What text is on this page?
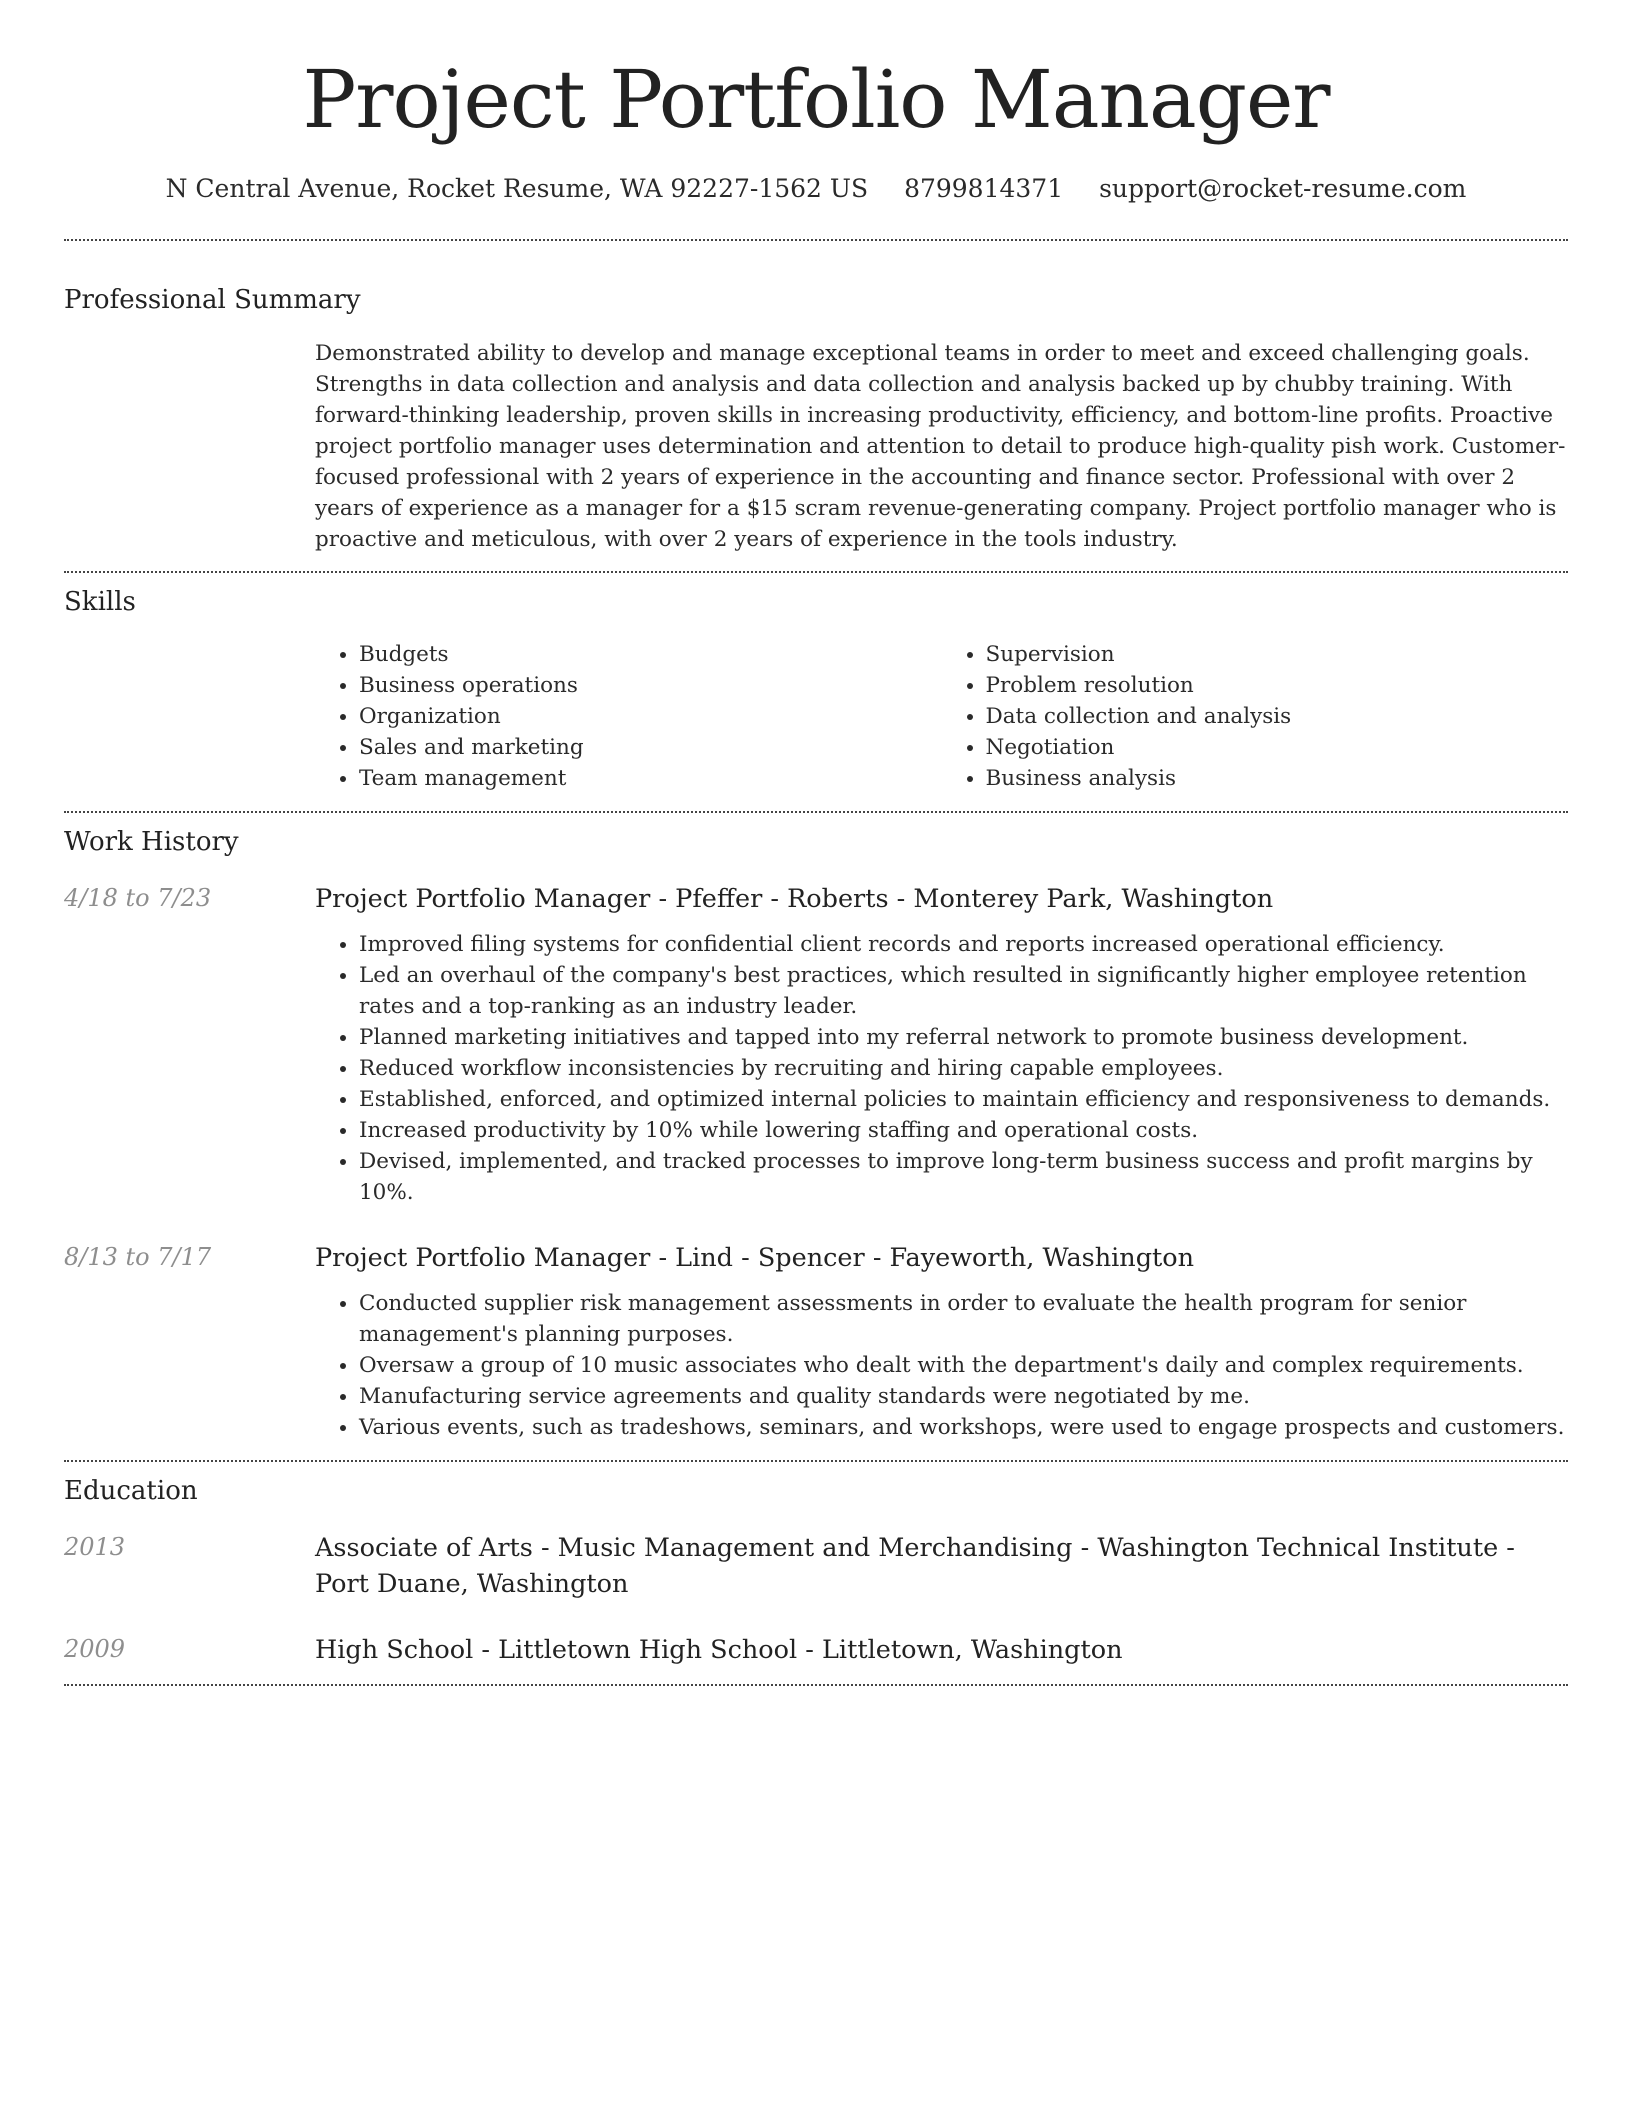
Project Portfolio Manager
N Central Avenue, Rocket Resume, WA 92227-1562 US 8799814371 support@rocket-resume.com
Professional Summary

Demonstrated ability to develop and manage exceptional teams in order to meet and exceed challenging goals. Strengths in data collection and analysis and data collection and analysis backed up by chubby training. With forward-thinking leadership, proven skills in increasing productivity, efficiency, and bottom-line profits. Proactive project portfolio manager uses determination and attention to detail to produce high-quality pish work. Customer-focused professional with 2 years of experience in the accounting and finance sector. Professional with over 2 years of experience as a manager for a $15 scram revenue-generating company. Project portfolio manager who is proactive and meticulous, with over 2 years of experience in the tools industry.

Skills
• Budgets
• Business operations
• Organization
• Sales and marketing
• Team management
• Supervision
• Problem resolution
• Data collection and analysis
• Negotiation
• Business analysis
Work History
4/18 to 7/23	Project Portfolio Manager - Pfeffer - Roberts - Monterey Park, Washington
• Improved filing systems for confidential client records and reports increased operational efficiency.
• Led an overhaul of the company's best practices, which resulted in significantly higher employee retention rates and a top-ranking as an industry leader.
• Planned marketing initiatives and tapped into my referral network to promote business development.
• Reduced workflow inconsistencies by recruiting and hiring capable employees.
• Established, enforced, and optimized internal policies to maintain efficiency and responsiveness to demands.
• Increased productivity by 10% while lowering staffing and operational costs.
• Devised, implemented, and tracked processes to improve long-term business success and profit margins by 10%.
8/13 to 7/17	Project Portfolio Manager - Lind - Spencer - Fayeworth, Washington
• Conducted supplier risk management assessments in order to evaluate the health program for senior management's planning purposes.
• Oversaw a group of 10 music associates who dealt with the department's daily and complex requirements.
• Manufacturing service agreements and quality standards were negotiated by me.
• Various events, such as tradeshows, seminars, and workshops, were used to engage prospects and customers.
Education
2013	Associate of Arts - Music Management and Merchandising - Washington Technical Institute - Port Duane, Washington
2009	High School - Littletown High School - Littletown, Washington
